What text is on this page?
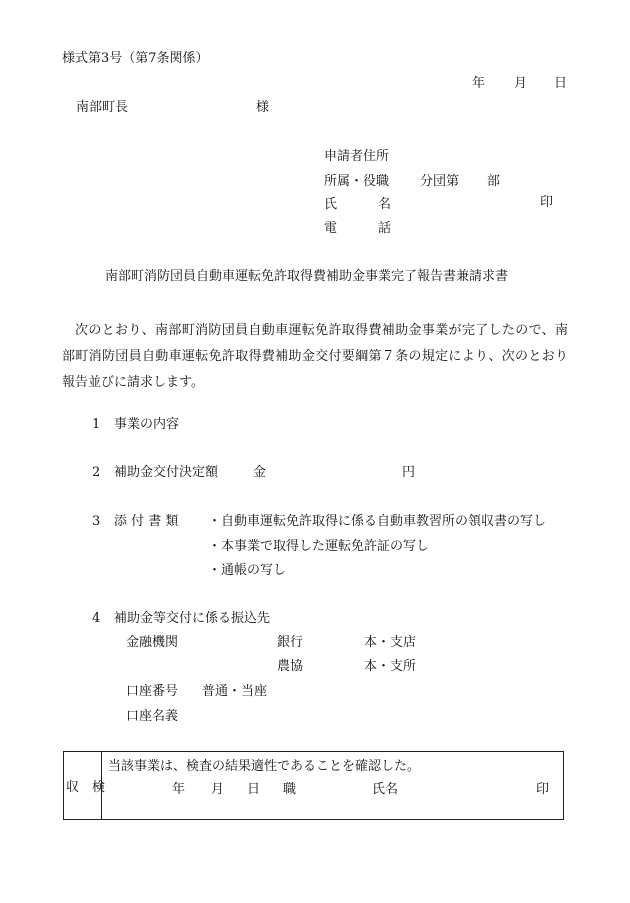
様式第3号（第7条関係）
年 月 日
南部町長	様
申請者住所
所属・役職 分団第 部
氏	名	印
電	話
南部町消防団員自動車運転免許取得費補助金事業完了報告書兼請求書
次のとおり、南部町消防団員自動車運転免許取得費補助金事業が完了したので、南部町消防団員自動車運転免許取得費補助金交付要綱第７条の規定により、次のとおり報告並びに請求します。
1 事業の内容
2 補助金交付決定額	金	円
3 添 付 書 類 ・自動車運転免許取得に係る自動車教習所の領収書の写し
・本事業で取得した運転免許証の写し
・通帳の写し
4 補助金等交付に係る振込先
金融機関	銀行	本・支店
農協	本・支所
口座番号 普通・当座
口座名義
収　検
当該事業は、検査の結果適性であることを確認した。
年 月 日 職	氏名	印
